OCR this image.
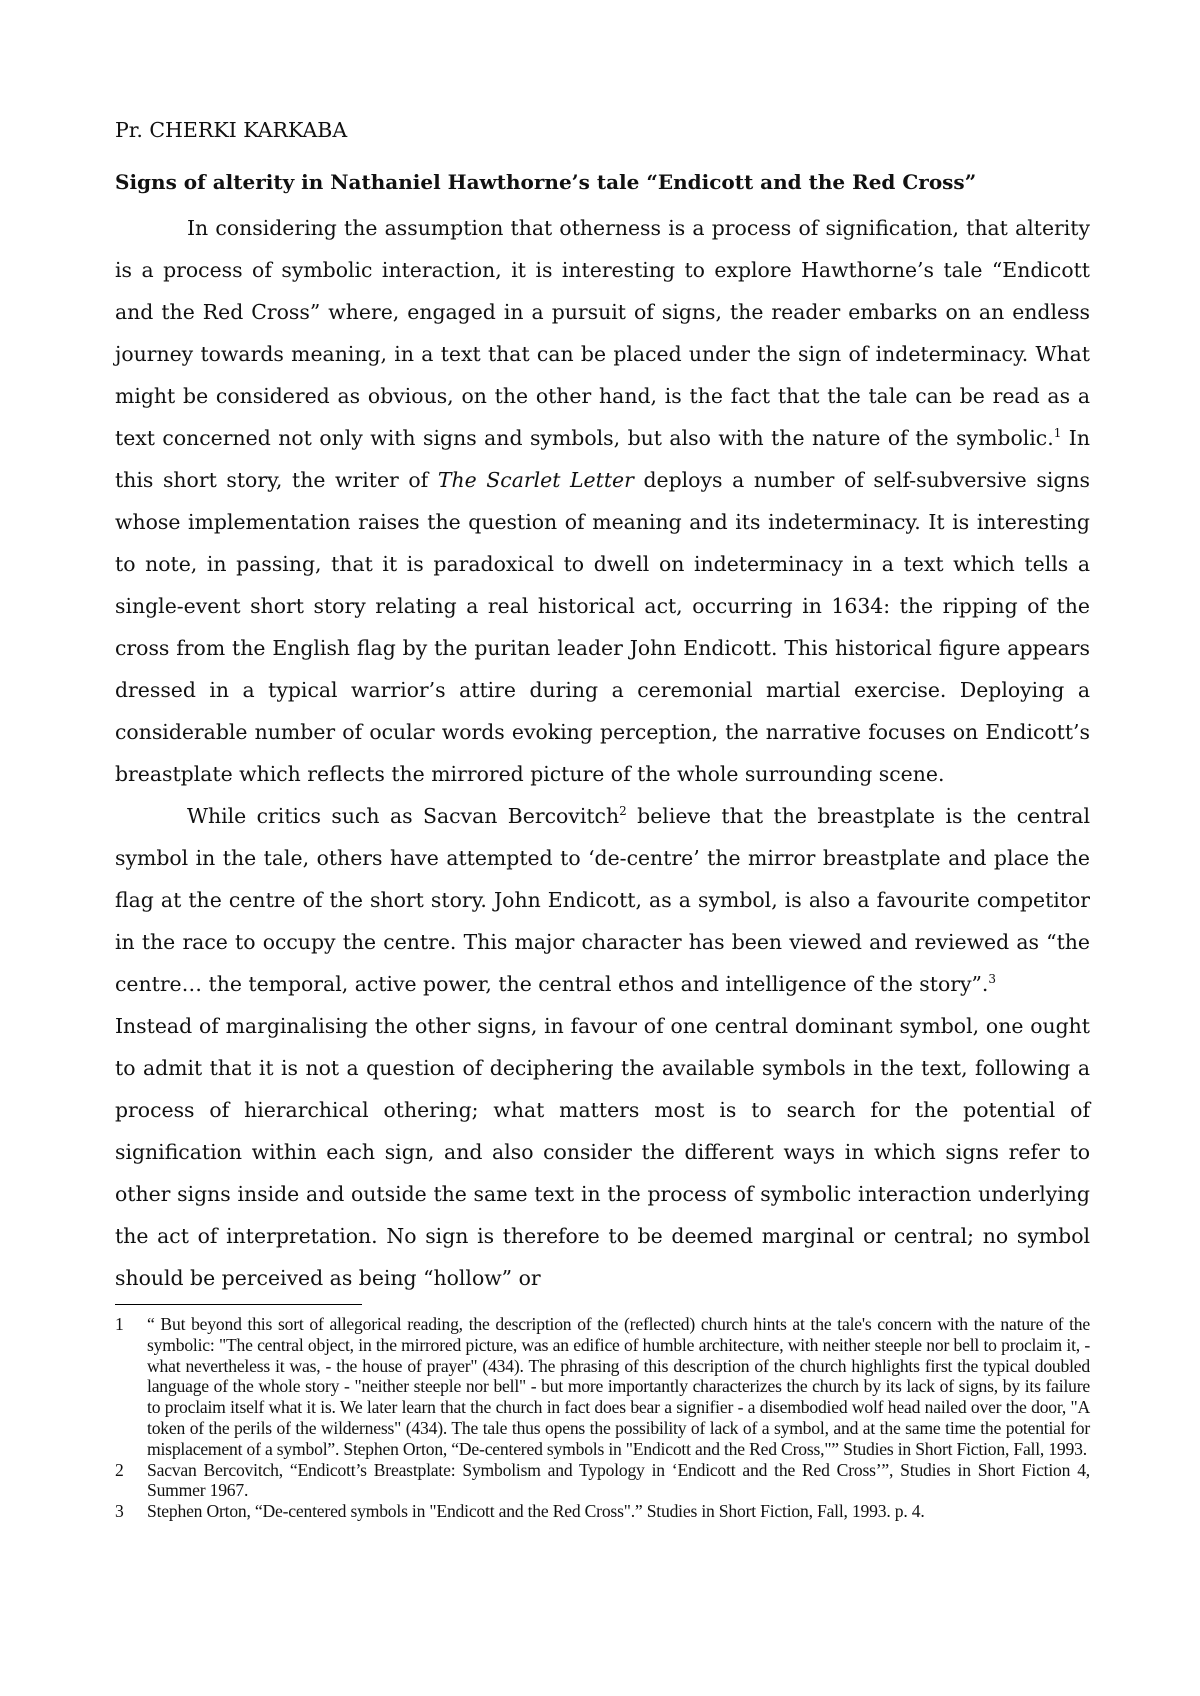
Pr. CHERKI KARKABA

Signs of alterity in Nathaniel Hawthorne’s tale “Endicott and the Red Cross”

In considering the assumption that otherness is a process of signification, that alterity is a process of symbolic interaction, it is interesting to explore Hawthorne’s tale “Endicott and the Red Cross” where, engaged in a pursuit of signs, the reader embarks on an endless journey towards meaning, in a text that can be placed under the sign of indeterminacy. What might be considered as obvious, on the other hand, is the fact that the tale can be read as a text concerned not only with signs and symbols, but also with the nature of the symbolic.$^1$ In this short story, the writer of The Scarlet Letter deploys a number of self-subversive signs whose implementation raises the question of meaning and its indeterminacy. It is interesting to note, in passing, that it is paradoxical to dwell on indeterminacy in a text which tells a single-event short story relating a real historical act, occurring in 1634: the ripping of the cross from the English flag by the puritan leader John Endicott. This historical figure appears dressed in a typical warrior’s attire during a ceremonial martial exercise. Deploying a considerable number of ocular words evoking perception, the narrative focuses on Endicott’s breastplate which reflects the mirrored picture of the whole surrounding scene.

While critics such as Sacvan Bercovitch$^2$ believe that the breastplate is the central symbol in the tale, others have attempted to ‘de-centre’ the mirror breastplate and place the flag at the centre of the short story. John Endicott, as a symbol, is also a favourite competitor in the race to occupy the centre. This major character has been viewed and reviewed as “the centre… the temporal, active power, the central ethos and intelligence of the story”.$^3$

Instead of marginalising the other signs, in favour of one central dominant symbol, one ought to admit that it is not a question of deciphering the available symbols in the text, following a process of hierarchical othering; what matters most is to search for the potential of signification within each sign, and also consider the different ways in which signs refer to other signs inside and outside the same text in the process of symbolic interaction underlying the act of interpretation. No sign is therefore to be deemed marginal or central; no symbol should be perceived as being “hollow” or

1	“ But beyond this sort of allegorical reading, the description of the (reflected) church hints at the tale's concern with the nature of the symbolic: "The central object, in the mirrored picture, was an edifice of humble architecture, with neither steeple nor bell to proclaim it, - what nevertheless it was, - the house of prayer" (434). The phrasing of this description of the church highlights first the typical doubled language of the whole story - "neither steeple nor bell" - but more importantly characterizes the church by its lack of signs, by its failure to proclaim itself what it is. We later learn that the church in fact does bear a signifier - a disembodied wolf head nailed over the door, "A token of the perils of the wilderness" (434). The tale thus opens the possibility of lack of a symbol, and at the same time the potential for misplacement of a symbol”. Stephen Orton, “De-centered symbols in "Endicott and the Red Cross,"” Studies in Short Fiction, Fall, 1993.
2	Sacvan Bercovitch, “Endicott’s Breastplate: Symbolism and Typology in ‘Endicott and the Red Cross’”, Studies in Short Fiction 4, Summer 1967.
3	Stephen Orton, “De-centered symbols in "Endicott and the Red Cross".” Studies in Short Fiction, Fall, 1993. p. 4.
